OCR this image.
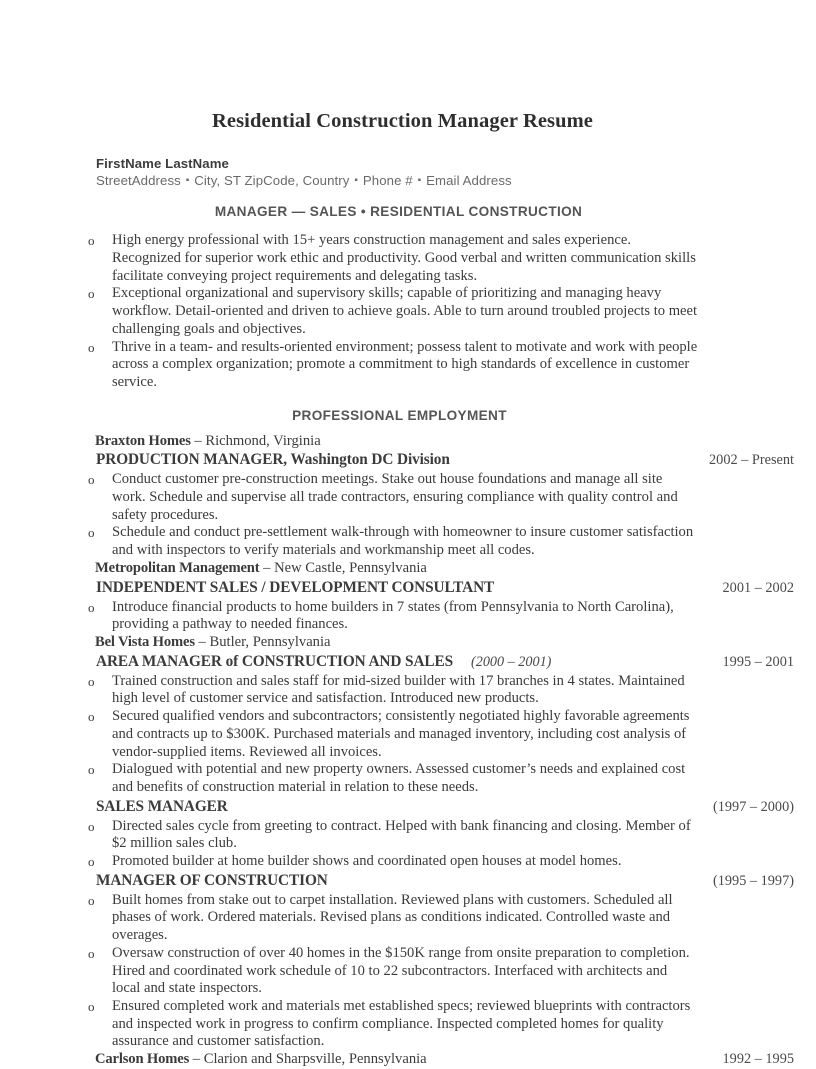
Residential Construction Manager Resume
FirstName LastName
StreetAddress ▪ City, ST ZipCode, Country ▪ Phone # ▪ Email Address
MANAGER — SALES • RESIDENTIAL CONSTRUCTION
o	High energy professional with 15+ years construction management and sales experience. Recognized for superior work ethic and productivity. Good verbal and written communication skills facilitate conveying project requirements and delegating tasks.
o	Exceptional organizational and supervisory skills; capable of prioritizing and managing heavy workflow. Detail-oriented and driven to achieve goals. Able to turn around troubled projects to meet challenging goals and objectives.
o	Thrive in a team- and results-oriented environment; possess talent to motivate and work with people across a complex organization; promote a commitment to high standards of excellence in customer service.
PROFESSIONAL EMPLOYMENT
Braxton Homes – Richmond, Virginia
PRODUCTION MANAGER, Washington DC Division	2002 – Present
o	Conduct customer pre-construction meetings. Stake out house foundations and manage all site work. Schedule and supervise all trade contractors, ensuring compliance with quality control and safety procedures.
o	Schedule and conduct pre-settlement walk-through with homeowner to insure customer satisfaction and with inspectors to verify materials and workmanship meet all codes.
Metropolitan Management – New Castle, Pennsylvania
INDEPENDENT SALES / DEVELOPMENT CONSULTANT	2001 – 2002
o	Introduce financial products to home builders in 7 states (from Pennsylvania to North Carolina), providing a pathway to needed finances.
Bel Vista Homes – Butler, Pennsylvania
AREA MANAGER of CONSTRUCTION AND SALES	(2000 – 2001)	1995 – 2001
o	Trained construction and sales staff for mid-sized builder with 17 branches in 4 states. Maintained high level of customer service and satisfaction. Introduced new products.
o	Secured qualified vendors and subcontractors; consistently negotiated highly favorable agreements and contracts up to $300K. Purchased materials and managed inventory, including cost analysis of vendor-supplied items. Reviewed all invoices.
o	Dialogued with potential and new property owners. Assessed customer’s needs and explained cost and benefits of construction material in relation to these needs.
SALES MANAGER	(1997 – 2000)
o	Directed sales cycle from greeting to contract. Helped with bank financing and closing. Member of $2 million sales club.
o	Promoted builder at home builder shows and coordinated open houses at model homes.
MANAGER OF CONSTRUCTION	(1995 – 1997)
o	Built homes from stake out to carpet installation. Reviewed plans with customers. Scheduled all phases of work. Ordered materials. Revised plans as conditions indicated. Controlled waste and overages.
o	Oversaw construction of over 40 homes in the $150K range from onsite preparation to completion. Hired and coordinated work schedule of 10 to 22 subcontractors. Interfaced with architects and local and state inspectors.
o	Ensured completed work and materials met established specs; reviewed blueprints with contractors and inspected work in progress to confirm compliance. Inspected completed homes for quality assurance and customer satisfaction.
Carlson Homes – Clarion and Sharpsville, Pennsylvania	1992 – 1995
